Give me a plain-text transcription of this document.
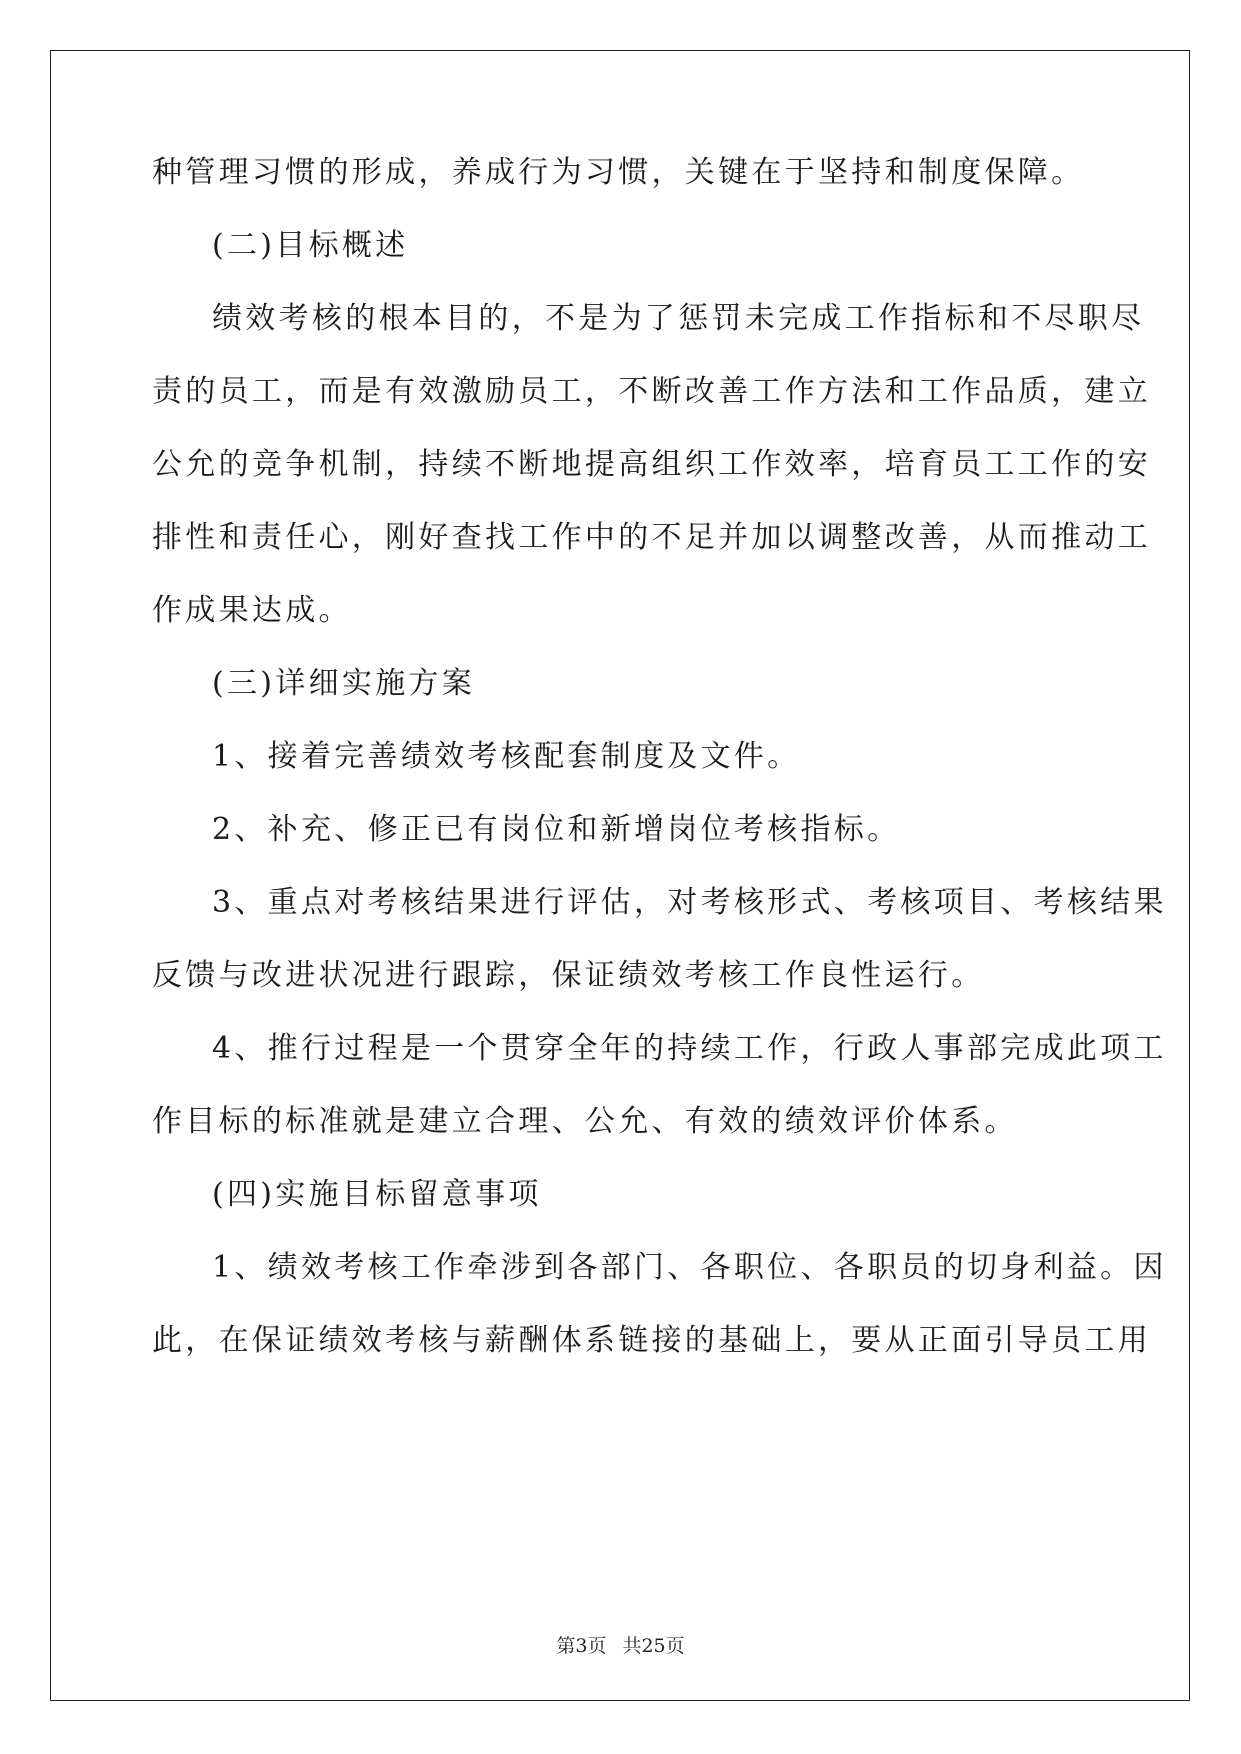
种管理习惯的形成，养成行为习惯，关键在于坚持和制度保障。
(二)目标概述
绩效考核的根本目的，不是为了惩罚未完成工作指标和不尽职尽
责的员工，而是有效激励员工，不断改善工作方法和工作品质，建立
公允的竞争机制，持续不断地提高组织工作效率，培育员工工作的安
排性和责任心，刚好查找工作中的不足并加以调整改善，从而推动工
作成果达成。
(三)详细实施方案
1、接着完善绩效考核配套制度及文件。
2、补充、修正已有岗位和新增岗位考核指标。
3、重点对考核结果进行评估，对考核形式、考核项目、考核结果
反馈与改进状况进行跟踪，保证绩效考核工作良性运行。
4、推行过程是一个贯穿全年的持续工作，行政人事部完成此项工
作目标的标准就是建立合理、公允、有效的绩效评价体系。
(四)实施目标留意事项
1、绩效考核工作牵涉到各部门、各职位、各职员的切身利益。因
此，在保证绩效考核与薪酬体系链接的基础上，要从正面引导员工用
第3页 共25页
